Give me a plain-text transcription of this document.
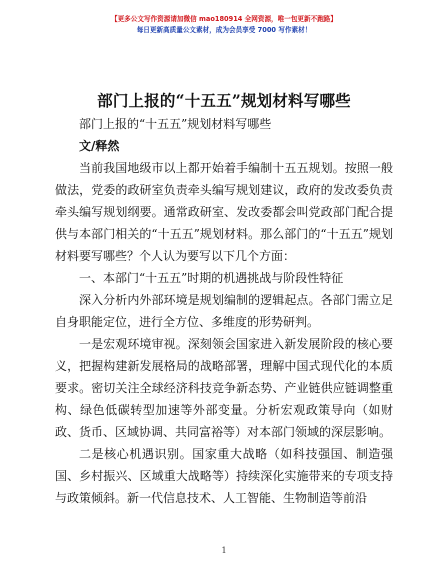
【更多公文写作资源请加微信 mao180914 全网资源，唯一包更新不跑路】
每日更新高质量公文素材，成为会员享受 7000 写作素材！
部门上报的“十五五”规划材料写哪些

部门上报的“十五五”规划材料写哪些

文/释然

当前我国地级市以上都开始着手编制十五五规划。按照一般做法，党委的政研室负责牵头编写规划建议，政府的发改委负责牵头编写规划纲要。通常政研室、发改委都会叫党政部门配合提供与本部门相关的“十五五”规划材料。那么部门的“十五五”规划材料要写哪些？个人认为要写以下几个方面：

一、本部门“十五五”时期的机遇挑战与阶段性特征

深入分析内外部环境是规划编制的逻辑起点。各部门需立足自身职能定位，进行全方位、多维度的形势研判。

一是宏观环境审视。深刻领会国家进入新发展阶段的核心要义，把握构建新发展格局的战略部署，理解中国式现代化的本质要求。密切关注全球经济科技竞争新态势、产业链供应链调整重构、绿色低碳转型加速等外部变量。分析宏观政策导向（如财政、货币、区域协调、共同富裕等）对本部门领域的深层影响。

二是核心机遇识别。国家重大战略（如科技强国、制造强国、乡村振兴、区域重大战略等）持续深化实施带来的专项支持与政策倾斜。新一代信息技术、人工智能、生物制造等前沿

1
